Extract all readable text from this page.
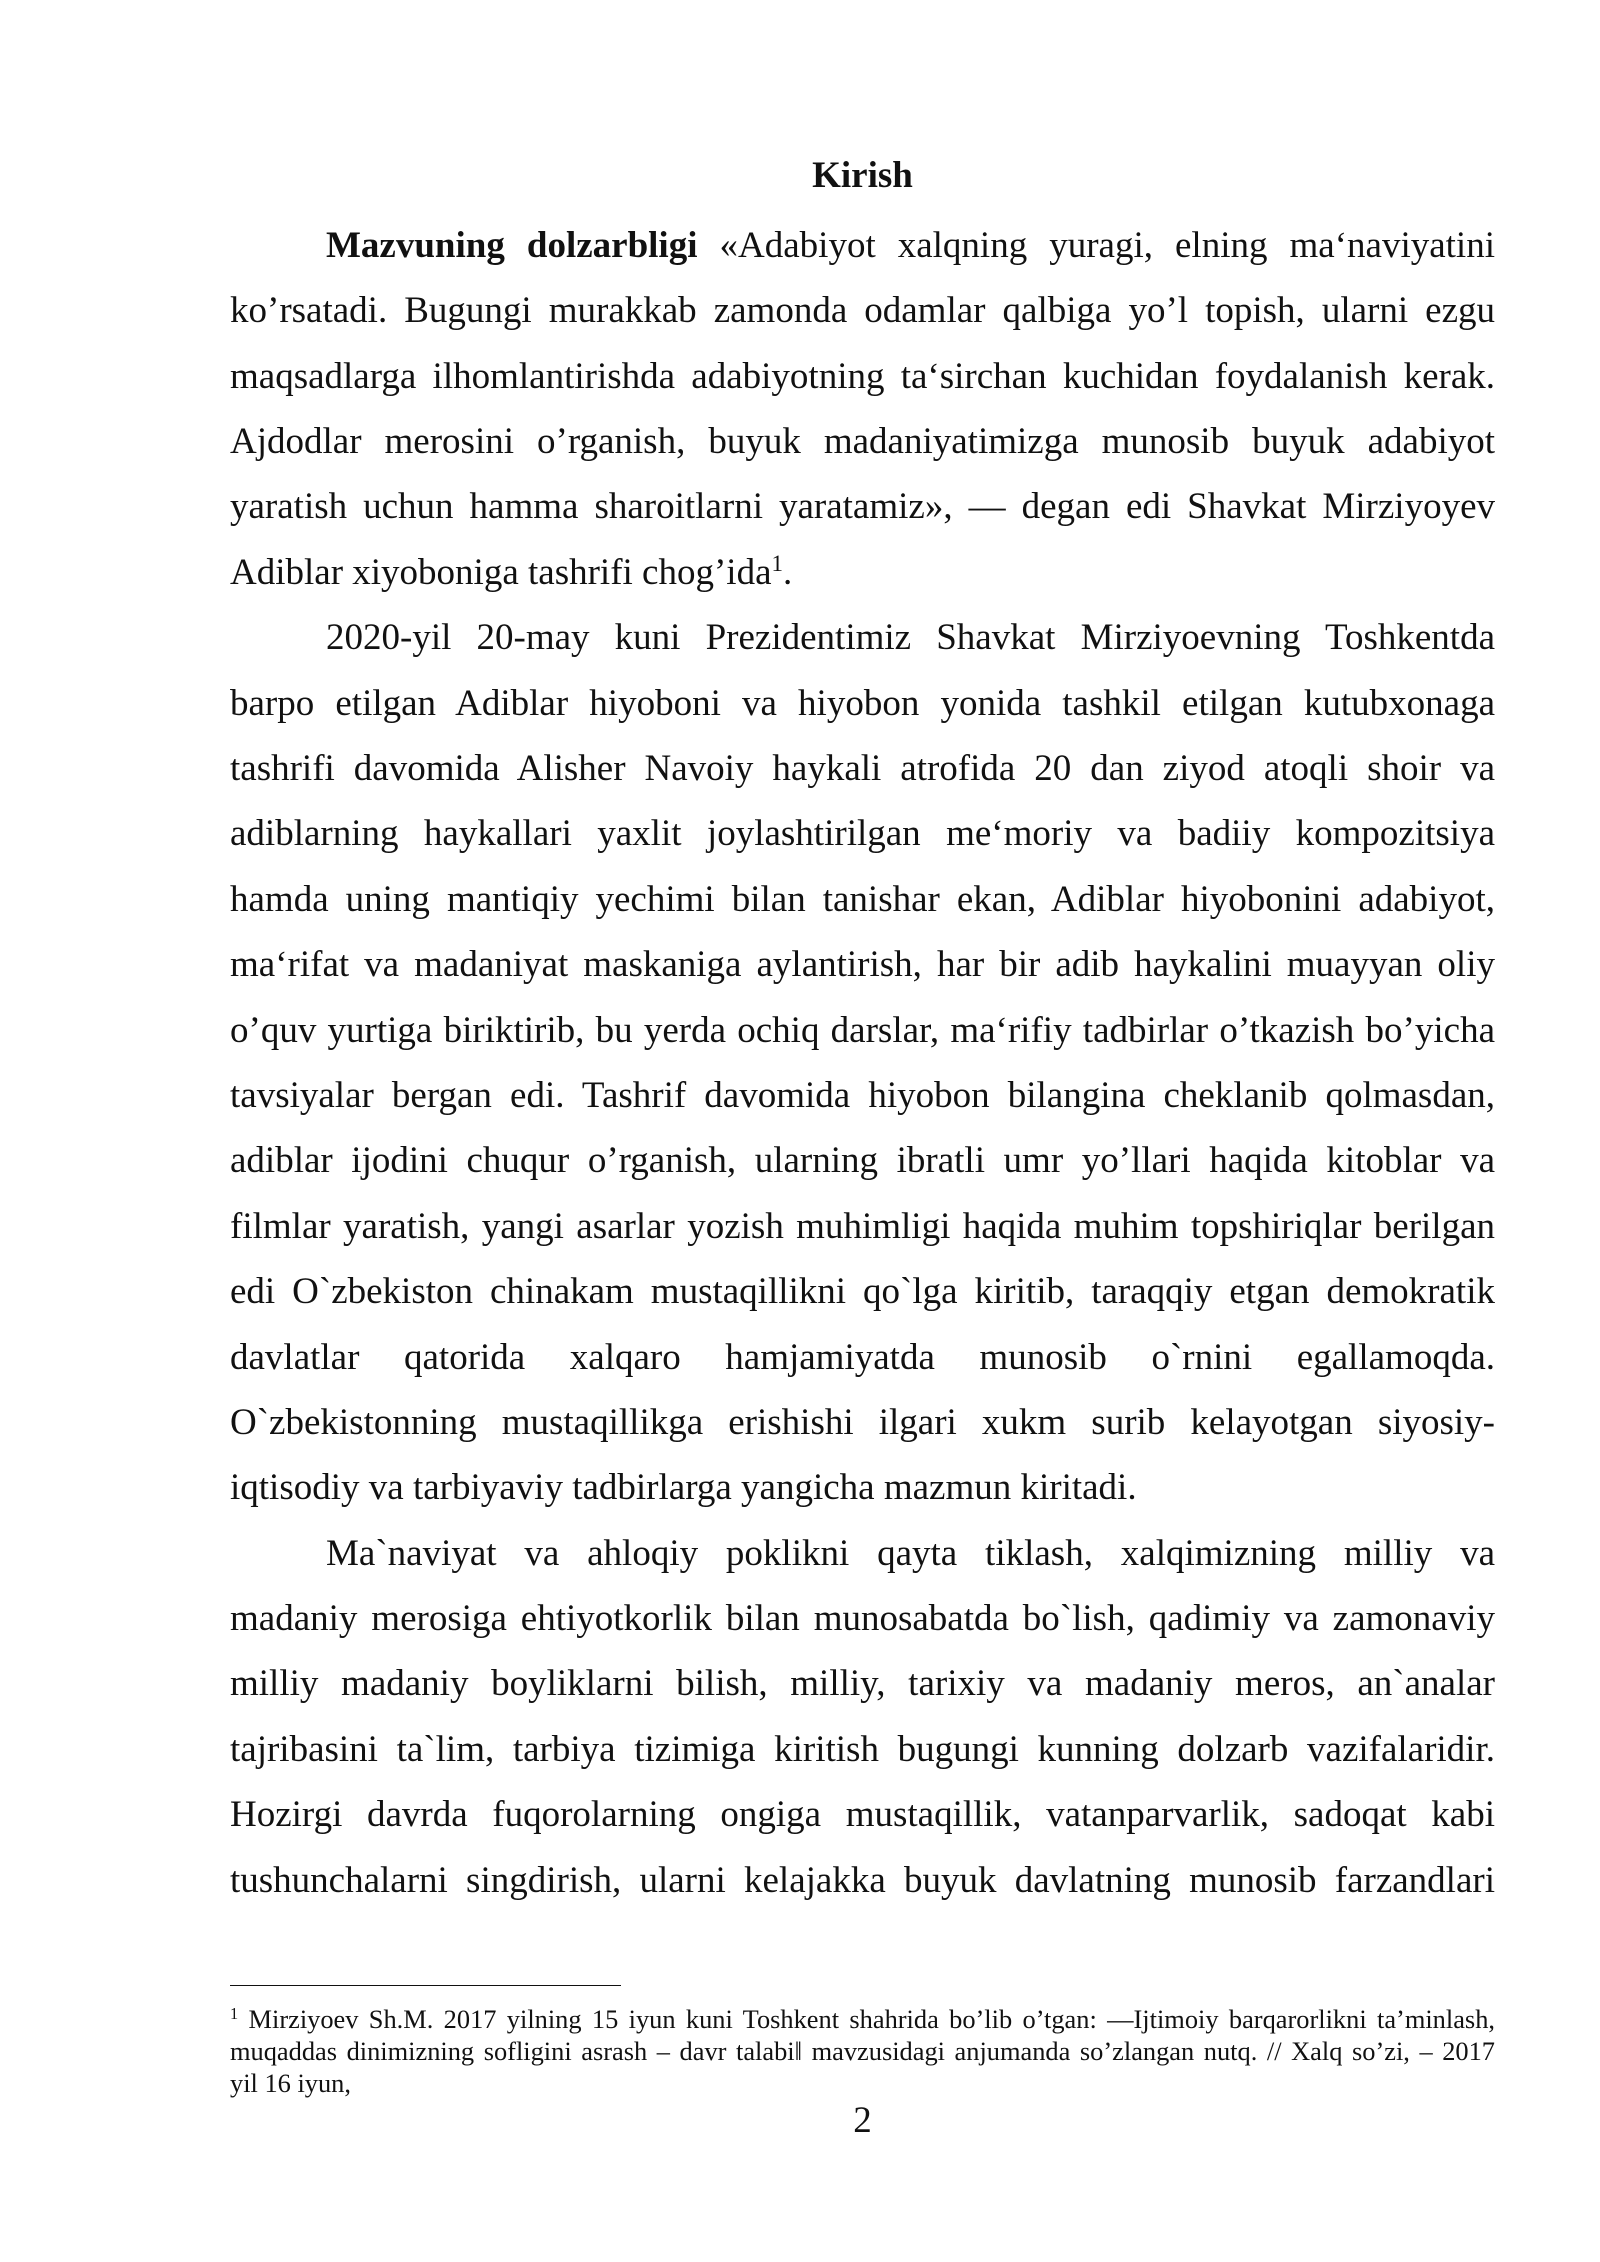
Kirish
Mazvuning dolzarbligi «Adabiyot xalqning yuragi, elning ma‘naviyatini
ko’rsatadi. Bugungi murakkab zamonda odamlar qalbiga yo’l topish, ularni ezgu
maqsadlarga ilhomlantirishda adabiyotning ta‘sirchan kuchidan foydalanish kerak.
Ajdodlar merosini o’rganish, buyuk madaniyatimizga munosib buyuk adabiyot
yaratish uchun hamma sharoitlarni yaratamiz», — degan edi Shavkat Mirziyoyev
Adiblar xiyoboniga tashrifi chog’ida$^1$.
2020-yil 20-may kuni Prezidentimiz Shavkat Mirziyoevning Toshkentda
barpo etilgan Adiblar hiyoboni va hiyobon yonida tashkil etilgan kutubxonaga
tashrifi davomida Alisher Navoiy haykali atrofida 20 dan ziyod atoqli shoir va
adiblarning haykallari yaxlit joylashtirilgan me‘moriy va badiiy kompozitsiya
hamda uning mantiqiy yechimi bilan tanishar ekan, Adiblar hiyobonini adabiyot,
ma‘rifat va madaniyat maskaniga aylantirish, har bir adib haykalini muayyan oliy
o’quv yurtiga biriktirib, bu yerda ochiq darslar, ma‘rifiy tadbirlar o’tkazish bo’yicha
tavsiyalar bergan edi. Tashrif davomida hiyobon bilangina cheklanib qolmasdan,
adiblar ijodini chuqur o’rganish, ularning ibratli umr yo’llari haqida kitoblar va
filmlar yaratish, yangi asarlar yozish muhimligi haqida muhim topshiriqlar berilgan
edi O`zbekiston chinakam mustaqillikni qo`lga kiritib, taraqqiy etgan demokratik
davlatlar qatorida xalqaro hamjamiyatda munosib o`rnini egallamoqda.
O`zbekistonning mustaqillikga erishishi ilgari xukm surib kelayotgan siyosiy-
iqtisodiy va tarbiyaviy tadbirlarga yangicha mazmun kiritadi.
Ma`naviyat va ahloqiy poklikni qayta tiklash, xalqimizning milliy va
madaniy merosiga ehtiyotkorlik bilan munosabatda bo`lish, qadimiy va zamonaviy
milliy madaniy boyliklarni bilish, milliy, tarixiy va madaniy meros, an`analar
tajribasini ta`lim, tarbiya tizimiga kiritish bugungi kunning dolzarb vazifalaridir.
Hozirgi davrda fuqorolarning ongiga mustaqillik, vatanparvarlik, sadoqat kabi
tushunchalarni singdirish, ularni kelajakka buyuk davlatning munosib farzandlari
$^1$ Mirziyoev Sh.M. 2017 yilning 15 iyun kuni Toshkent shahrida bo’lib o’tgan: ―Ijtimoiy barqarorlikni ta’minlash,
muqaddas dinimizning sofligini asrash – davr talabi‖ mavzusidagi anjumanda so’zlangan nutq. // Xalq so’zi, – 2017
yil 16 iyun,
2
